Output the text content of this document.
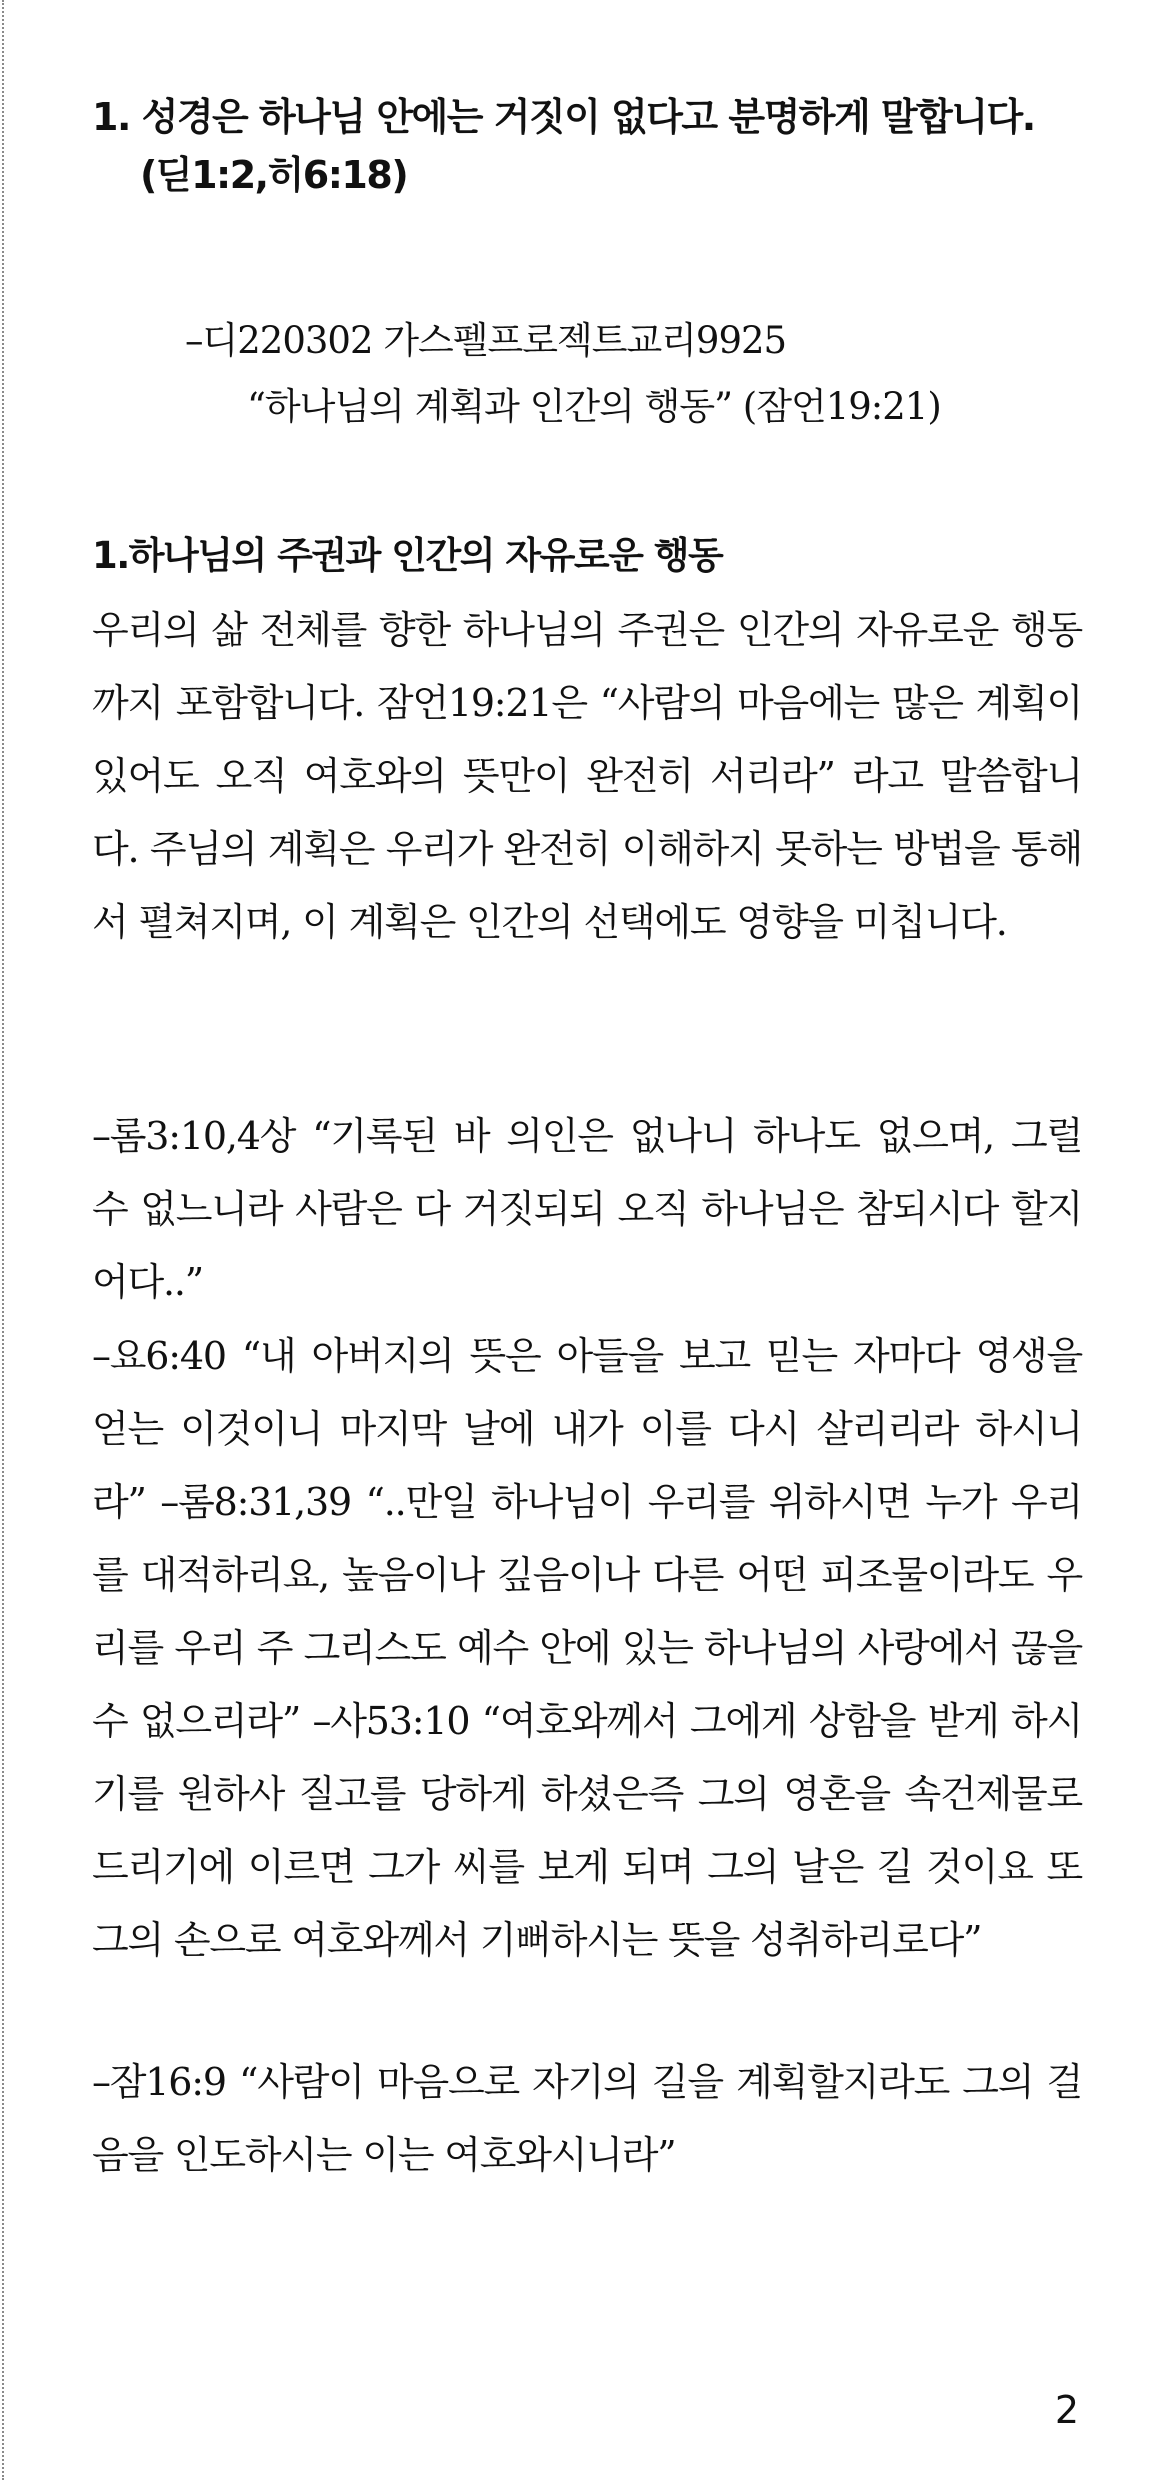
1. 성경은 하나님 안에는 거짓이 없다고 분명하게 말합니다.
(딛1:2,히6:18)
–디220302 가스펠프로젝트교리9925
“하나님의 계획과 인간의 행동” (잠언19:21)
1.하나님의 주권과 인간의 자유로운 행동

우리의 삶 전체를 향한 하나님의 주권은 인간의 자유로운 행동까지 포함합니다. 잠언19:21은 “사람의 마음에는 많은 계획이 있어도 오직 여호와의 뜻만이 완전히 서리라” 라고 말씀합니다. 주님의 계획은 우리가 완전히 이해하지 못하는 방법을 통해서 펼쳐지며, 이 계획은 인간의 선택에도 영향을 미칩니다.

–롬3:10,4상 “기록된 바 의인은 없나니 하나도 없으며, 그럴 수 없느니라 사람은 다 거짓되되 오직 하나님은 참되시다 할지어다..”

–요6:40 “내 아버지의 뜻은 아들을 보고 믿는 자마다 영생을 얻는 이것이니 마지막 날에 내가 이를 다시 살리리라 하시니라” –롬8:31,39 “..만일 하나님이 우리를 위하시면 누가 우리를 대적하리요, 높음이나 깊음이나 다른 어떤 피조물이라도 우리를 우리 주 그리스도 예수 안에 있는 하나님의 사랑에서 끊을 수 없으리라” –사53:10 “여호와께서 그에게 상함을 받게 하시기를 원하사 질고를 당하게 하셨은즉 그의 영혼을 속건제물로 드리기에 이르면 그가 씨를 보게 되며 그의 날은 길 것이요 또 그의 손으로 여호와께서 기뻐하시는 뜻을 성취하리로다”

–잠16:9 “사람이 마음으로 자기의 길을 계획할지라도 그의 걸음을 인도하시는 이는 여호와시니라”

2
